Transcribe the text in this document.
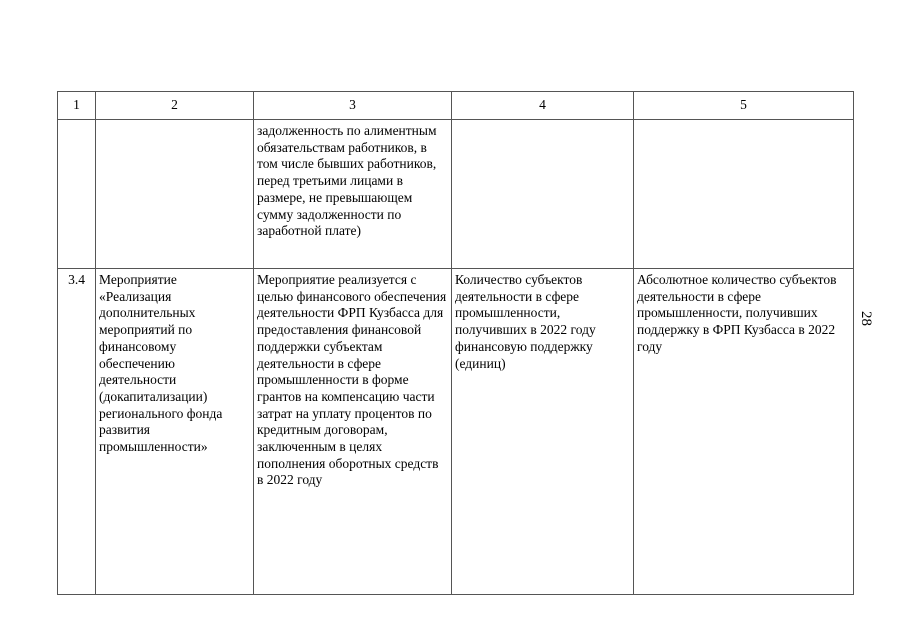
1	2	3	4	5
		задолженность по алиментным обязательствам работников, в том числе бывших работников, перед третьими лицами в размере, не превышающем сумму задолженности по заработной плате)		
3.4	Мероприятие «Реализация дополнительных мероприятий по финансовому обеспечению деятельности (докапитализации) регионального фонда развития промышленности»	Мероприятие реализуется с целью финансового обеспечения деятельности ФРП Кузбасса для предоставления финансовой поддержки субъектам деятельности в сфере промышленности в форме грантов на компенсацию части затрат на уплату процентов по кредитным договорам, заключенным в целях пополнения оборотных средств в 2022 году	Количество субъектов деятельности в сфере промышленности, получивших в 2022 году финансовую поддержку (единиц)	Абсолютное количество субъектов деятельности в сфере промышленности, получивших поддержку в ФРП Кузбасса в 2022 году
28
